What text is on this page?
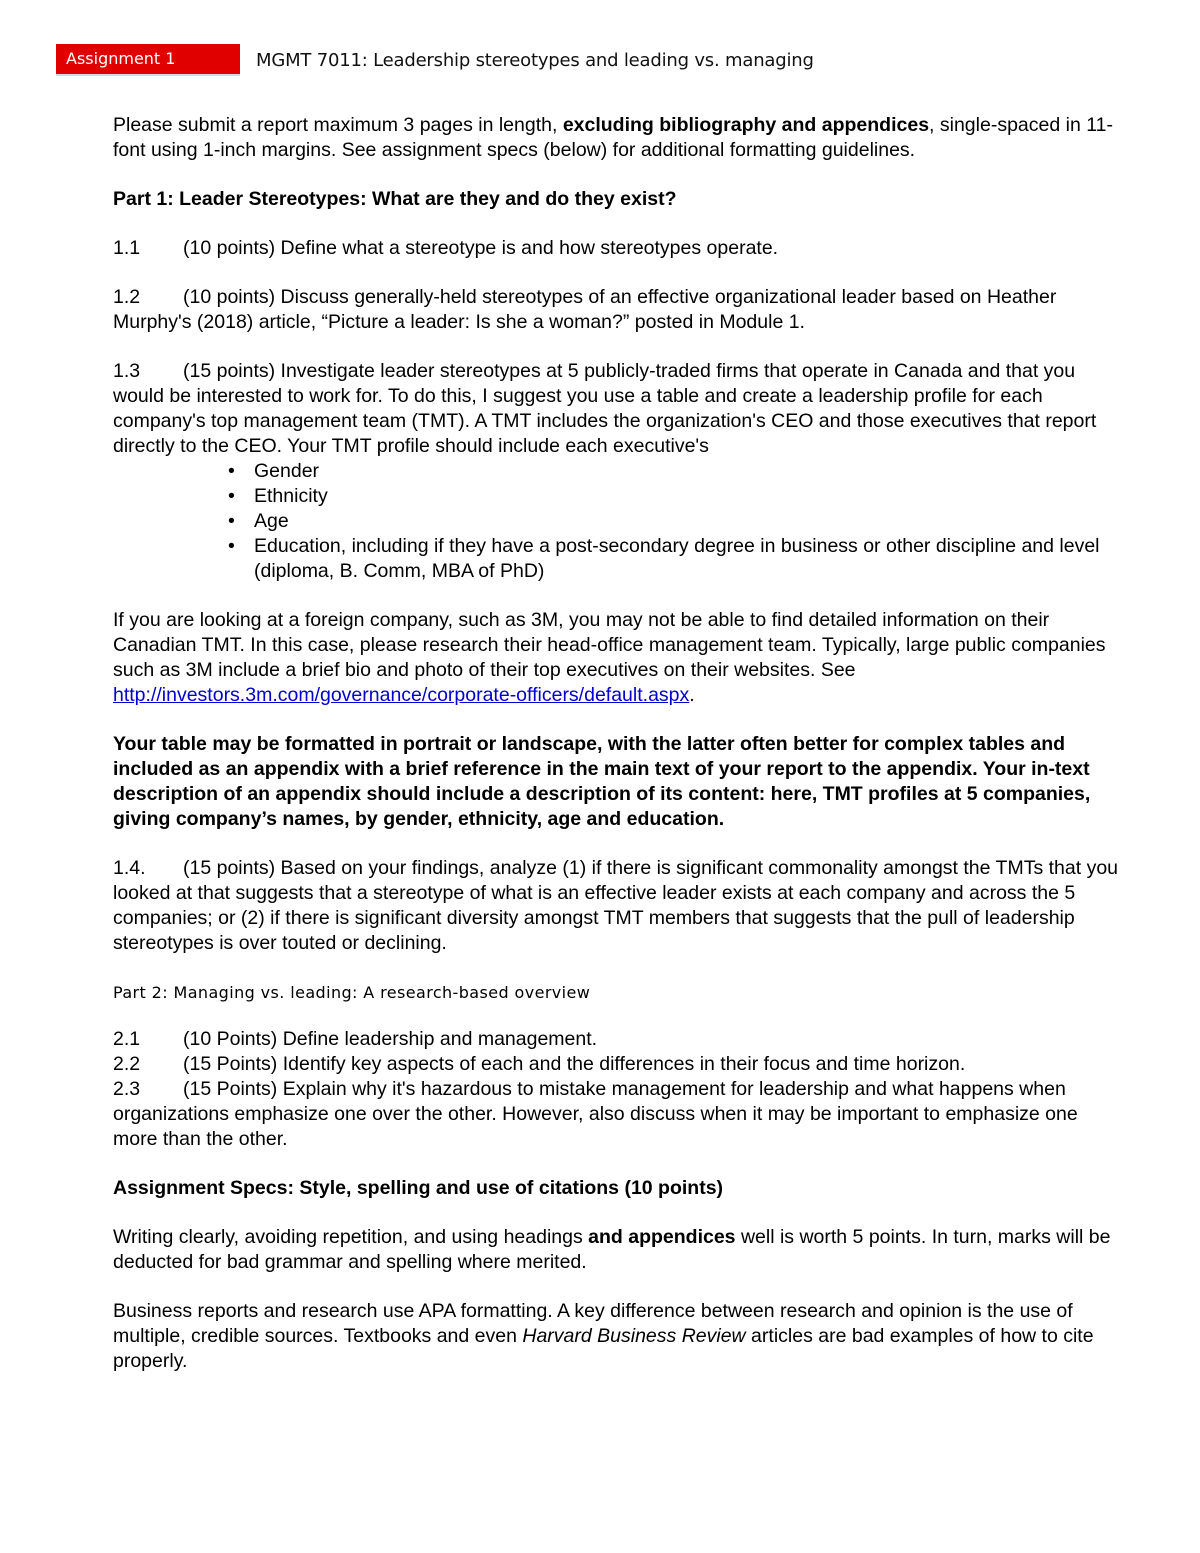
Assignment 1	MGMT 7011: Leadership stereotypes and leading vs. managing

Please submit a report maximum 3 pages in length, excluding bibliography and appendices, single-spaced in 11-font using 1-inch margins. See assignment specs (below) for additional formatting guidelines.

Part 1: Leader Stereotypes: What are they and do they exist?

1.1 (10 points) Define what a stereotype is and how stereotypes operate.

1.2 (10 points) Discuss generally-held stereotypes of an effective organizational leader based on Heather Murphy's (2018) article, “Picture a leader: Is she a woman?” posted in Module 1.

1.3 (15 points) Investigate leader stereotypes at 5 publicly-traded firms that operate in Canada and that you would be interested to work for. To do this, I suggest you use a table and create a leadership profile for each company's top management team (TMT). A TMT includes the organization's CEO and those executives that report directly to the CEO. Your TMT profile should include each executive's

• Gender
• Ethnicity
• Age
• Education, including if they have a post-secondary degree in business or other discipline and level (diploma, B. Comm, MBA of PhD)

If you are looking at a foreign company, such as 3M, you may not be able to find detailed information on their Canadian TMT. In this case, please research their head-office management team. Typically, large public companies such as 3M include a brief bio and photo of their top executives on their websites. See http://investors.3m.com/governance/corporate-officers/default.aspx.

Your table may be formatted in portrait or landscape, with the latter often better for complex tables and included as an appendix with a brief reference in the main text of your report to the appendix. Your in-text description of an appendix should include a description of its content: here, TMT profiles at 5 companies, giving company’s names, by gender, ethnicity, age and education.

1.4. (15 points) Based on your findings, analyze (1) if there is significant commonality amongst the TMTs that you looked at that suggests that a stereotype of what is an effective leader exists at each company and across the 5 companies; or (2) if there is significant diversity amongst TMT members that suggests that the pull of leadership stereotypes is over touted or declining.

Part 2: Managing vs. leading: A research-based overview

2.1 (10 Points) Define leadership and management.

2.2 (15 Points) Identify key aspects of each and the differences in their focus and time horizon.

2.3 (15 Points) Explain why it's hazardous to mistake management for leadership and what happens when organizations emphasize one over the other. However, also discuss when it may be important to emphasize one more than the other.

Assignment Specs: Style, spelling and use of citations (10 points)

Writing clearly, avoiding repetition, and using headings and appendices well is worth 5 points. In turn, marks will be deducted for bad grammar and spelling where merited.

Business reports and research use APA formatting. A key difference between research and opinion is the use of multiple, credible sources. Textbooks and even Harvard Business Review articles are bad examples of how to cite properly.
